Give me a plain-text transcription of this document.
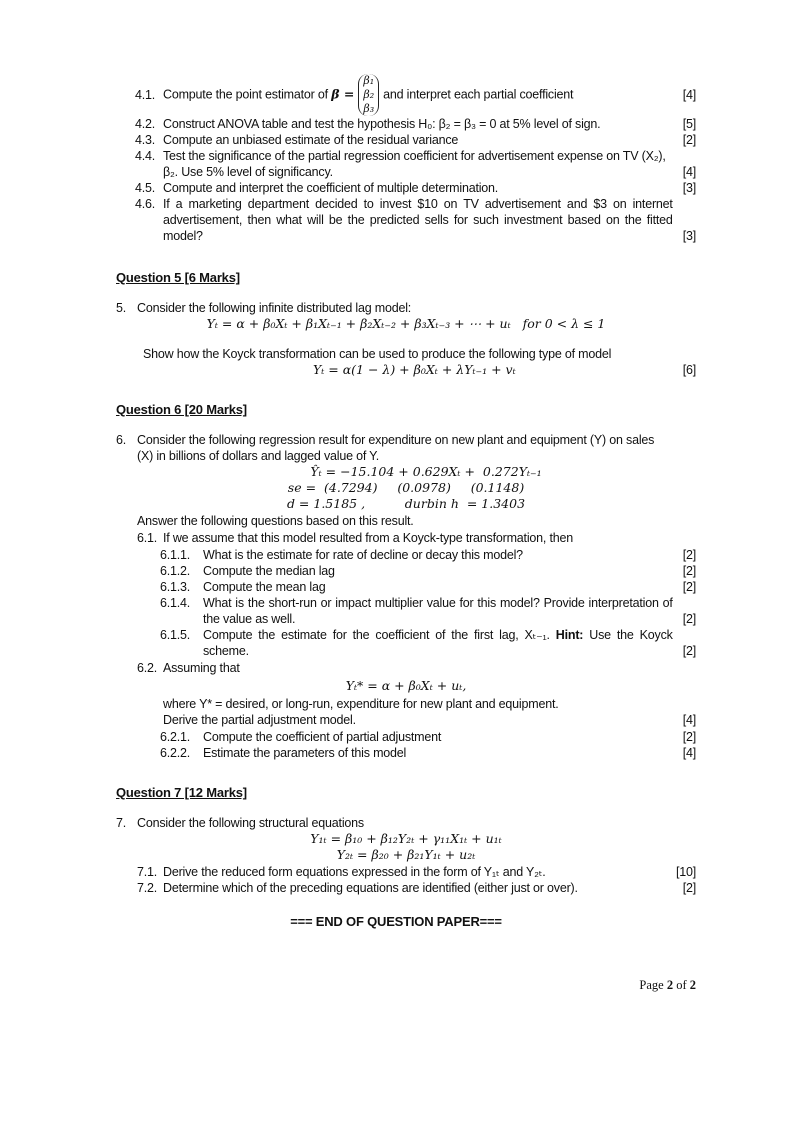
4.1. Compute the point estimator of β =
β₁
β₂
β₃
and interpret each partial coefficient	[4]
4.2. Construct ANOVA table and test the hypothesis H₀: β₂ = β₃ = 0 at 5% level of sign.	[5]
4.3. Compute an unbiased estimate of the residual variance	[2]
4.4. Test the significance of the partial regression coefficient for advertisement expense on TV (X₂),
β₂. Use 5% level of significancy.	[4]
4.5. Compute and interpret the coefficient of multiple determination.	[3]
4.6. If a marketing department decided to invest $10 on TV advertisement and $3 on internet advertisement, then what will be the predicted sells for such investment based on the fitted model?	[3]
Question 5 [6 Marks]
5. Consider the following infinite distributed lag model:
Yₜ = α + β₀Xₜ + β₁Xₜ₋₁ + β₂Xₜ₋₂ + β₃Xₜ₋₃ + ⋯ + uₜ   for 0 < λ ≤ 1
Show how the Koyck transformation can be used to produce the following type of model
Yₜ = α(1 − λ) + β₀Xₜ + λYₜ₋₁ + vₜ	[6]
Question 6 [20 Marks]
6. Consider the following regression result for expenditure on new plant and equipment (Y) on sales
(X) in billions of dollars and lagged value of Y.
Ŷₜ = −15.104 + 0.629Xₜ +  0.272Yₜ₋₁
se =  (4.7294)     (0.0978)     (0.1148)
d = 1.5185 ,          durbin h  = 1.3403
Answer the following questions based on this result.
6.1. If we assume that this model resulted from a Koyck-type transformation, then
6.1.1.	What is the estimate for rate of decline or decay this model?	[2]
6.1.2.	Compute the median lag	[2]
6.1.3.	Compute the mean lag	[2]
6.1.4.	What is the short-run or impact multiplier value for this model? Provide interpretation of the value as well.	[2]
6.1.5.	Compute the estimate for the coefficient of the first lag, Xₜ₋₁. Hint: Use the Koyck scheme.	[2]
6.2. Assuming that
Yₜ* = α + β₀Xₜ + uₜ,
where Y* = desired, or long-run, expenditure for new plant and equipment.
Derive the partial adjustment model.	[4]
6.2.1.	Compute the coefficient of partial adjustment	[2]
6.2.2.	Estimate the parameters of this model	[4]
Question 7 [12 Marks]
7. Consider the following structural equations
Y₁ₜ = β₁₀ + β₁₂Y₂ₜ + γ₁₁X₁ₜ + u₁ₜ
Y₂ₜ = β₂₀ + β₂₁Y₁ₜ + u₂ₜ
7.1. Derive the reduced form equations expressed in the form of Y₁ₜ and Y₂ₜ.	[10]
7.2. Determine which of the preceding equations are identified (either just or over).	[2]
=== END OF QUESTION PAPER===
Page 2 of 2
